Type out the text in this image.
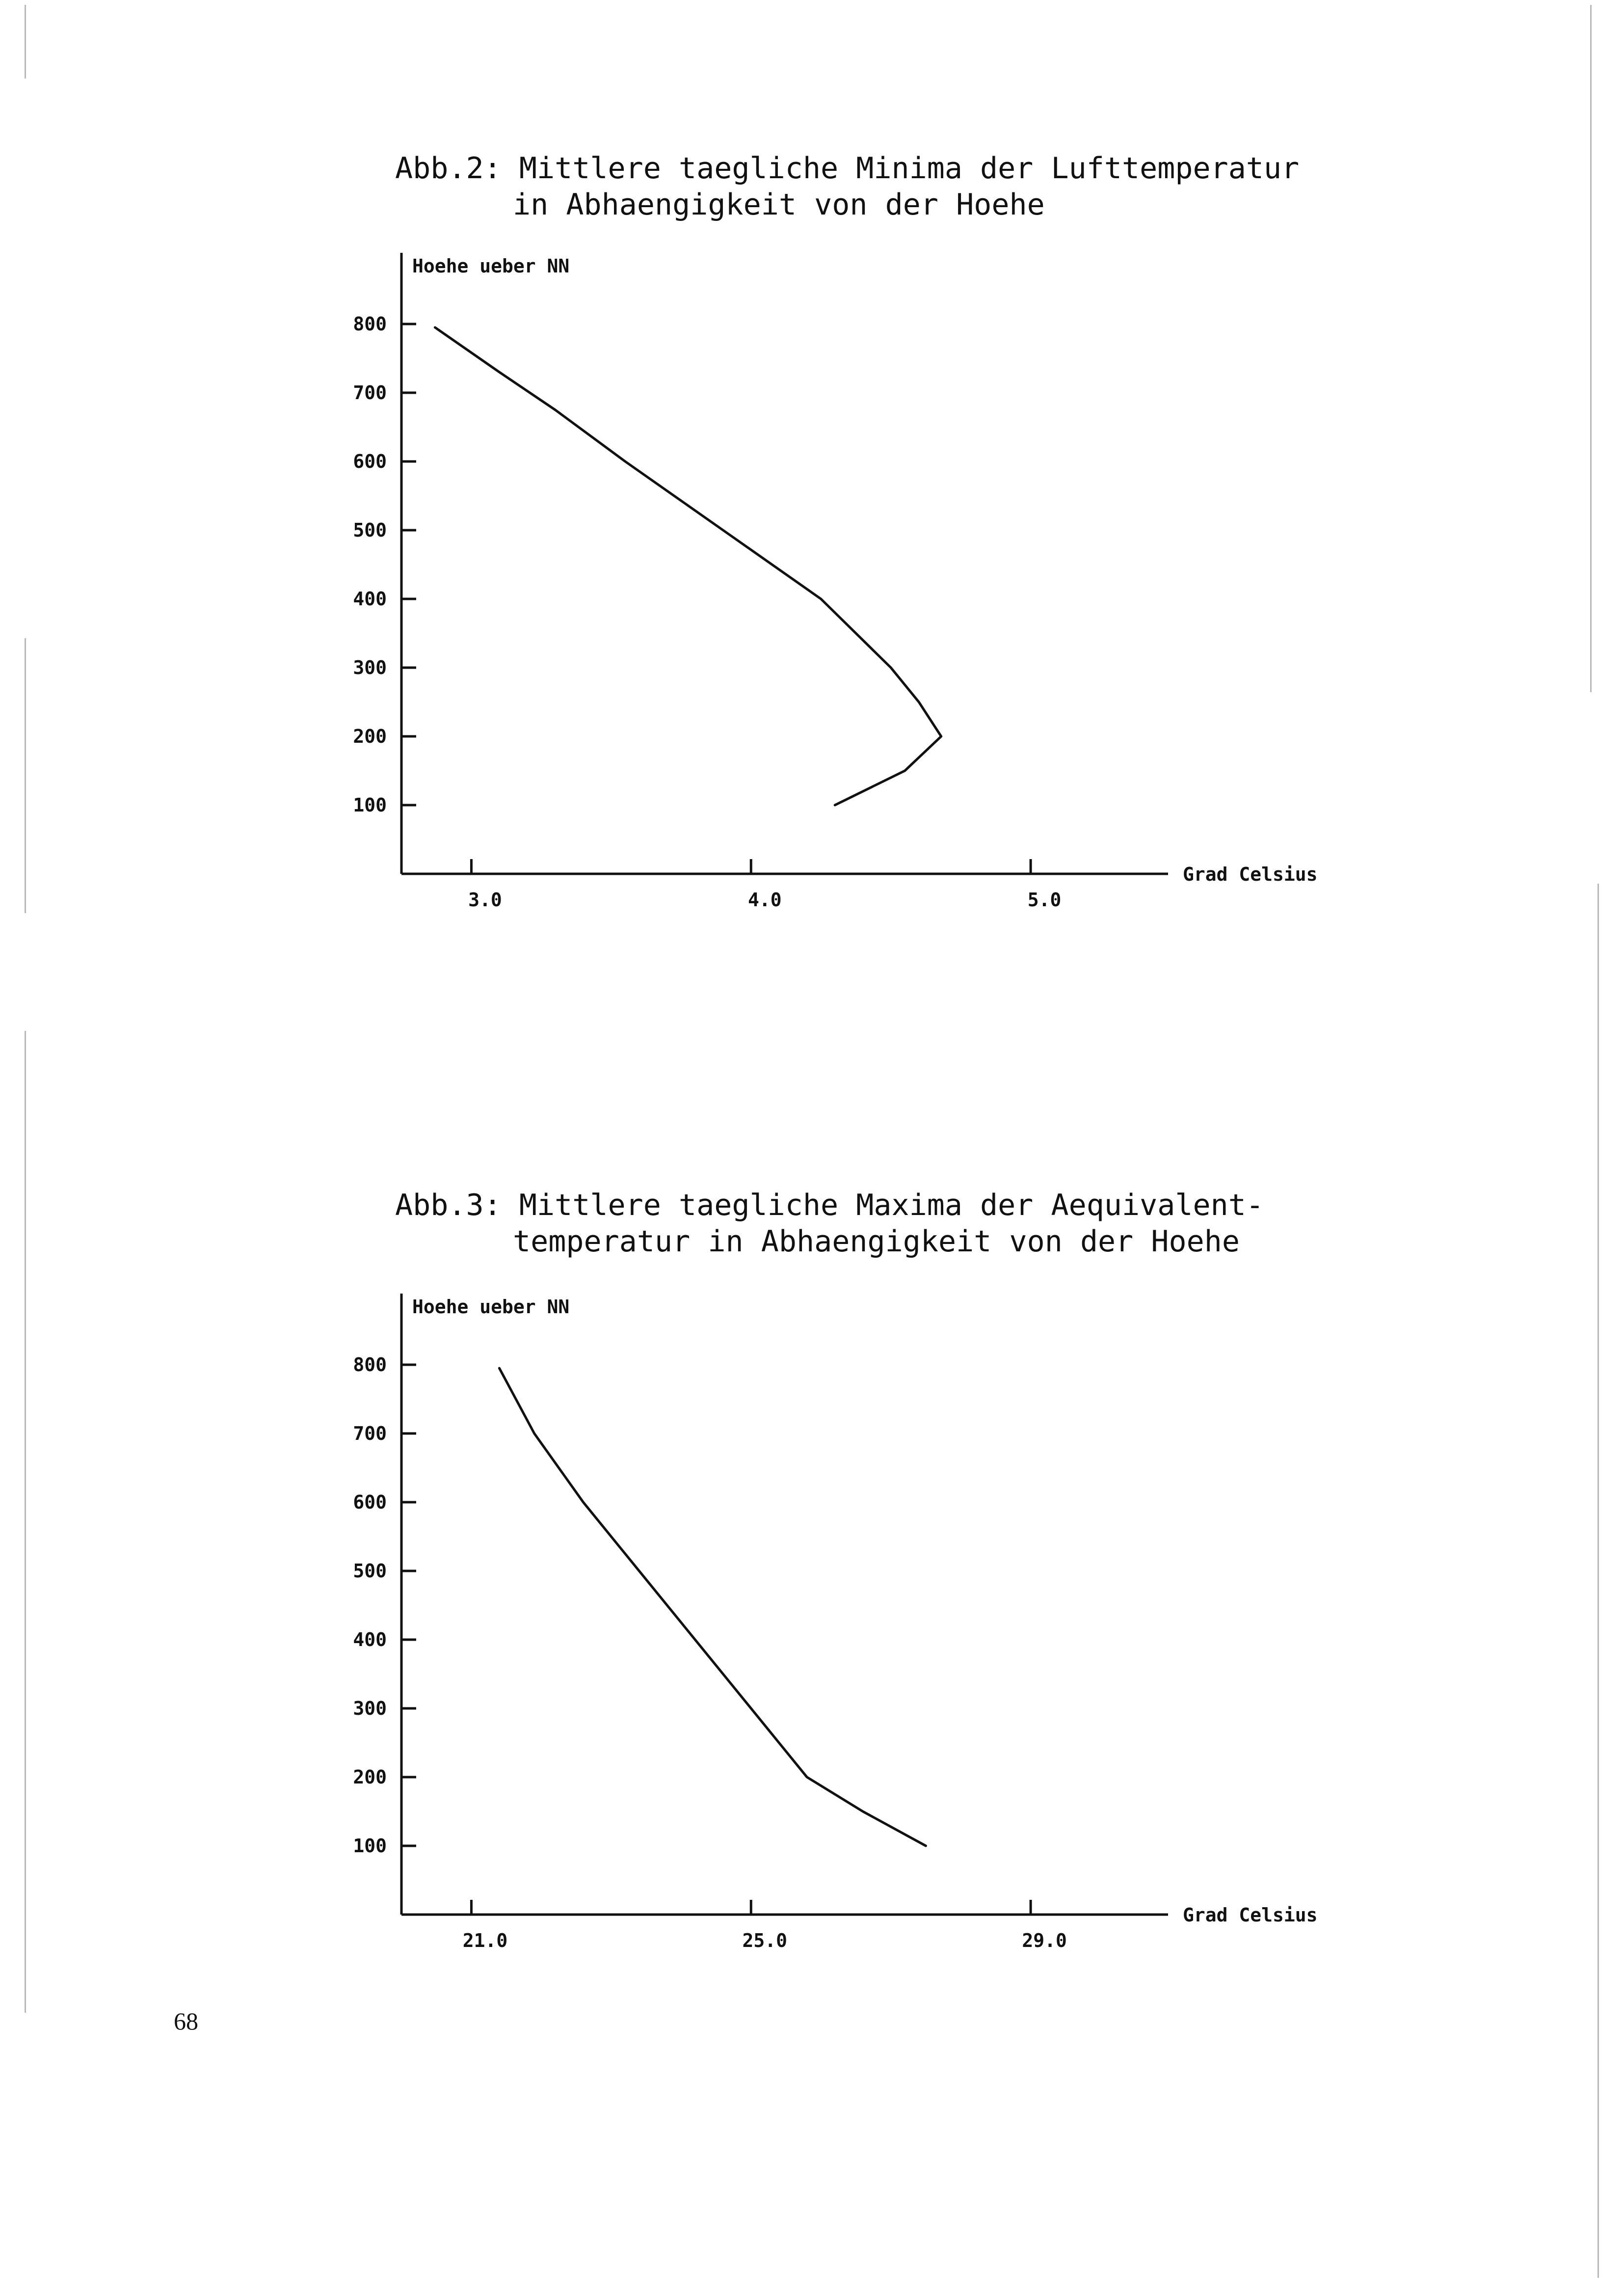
Abb.2: Mittlere taegliche Minima der Lufttemperatur
in Abhaengigkeit von der Hoehe
Hoehe ueber NN
Grad Celsius
800
700
600
500
400
300
200
100
3.0	4.0	5.0
Abb.3: Mittlere taegliche Maxima der Aequivalent-
temperatur in Abhaengigkeit von der Hoehe
Hoehe ueber NN
Grad Celsius
800
700
600
500
400
300
200
100
21.0	25.0	29.0
68
